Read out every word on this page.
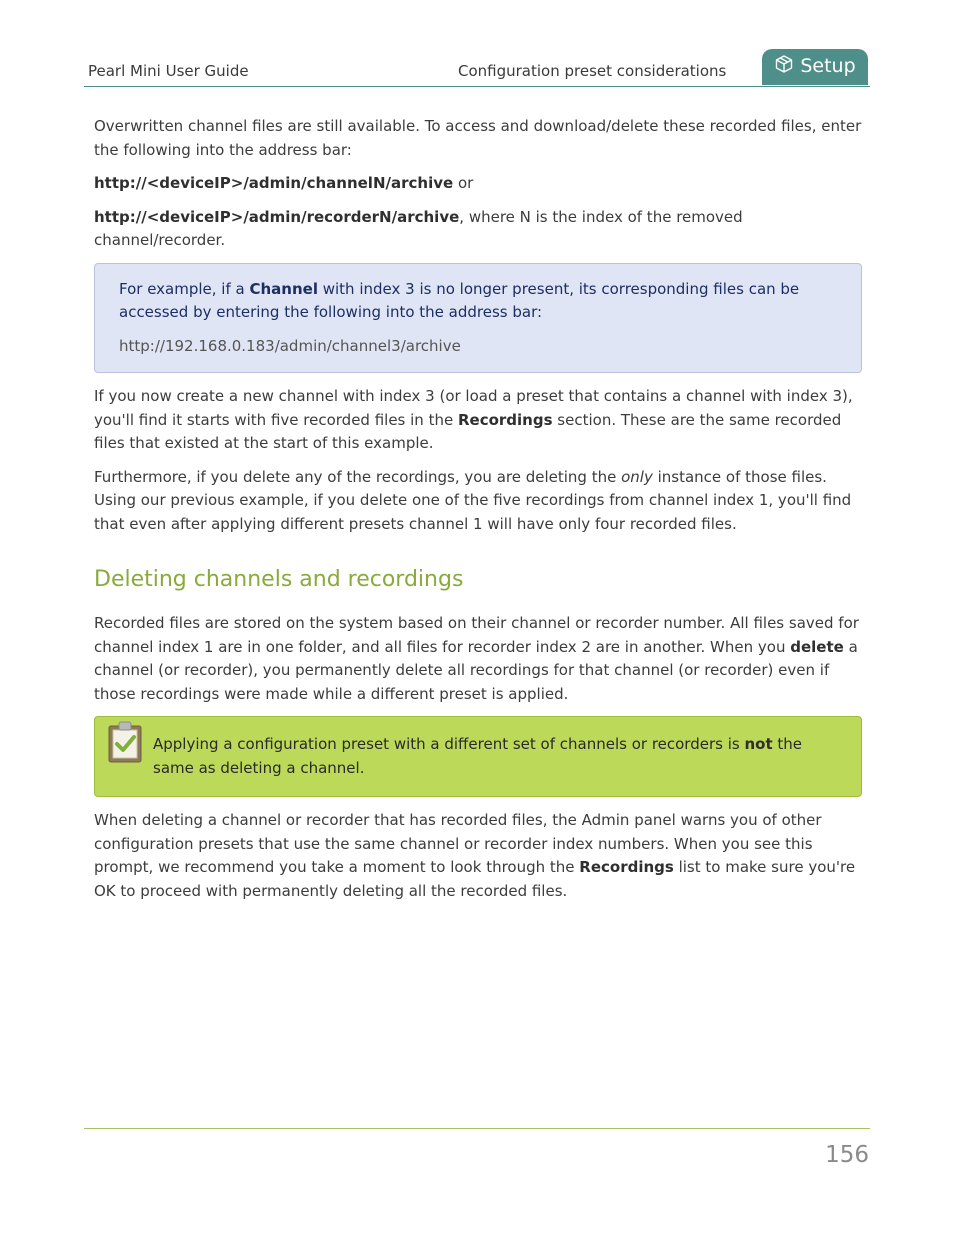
Pearl Mini User Guide	Configuration preset considerations	Setup

Overwritten channel files are still available. To access and download/delete these recorded files, enter the following into the address bar:

http://<deviceIP>/admin/channelN/archive or

http://<deviceIP>/admin/recorderN/archive, where N is the index of the removed channel/recorder.

For example, if a Channel with index 3 is no longer present, its corresponding files can be accessed by entering the following into the address bar:

http://192.168.0.183/admin/channel3/archive

If you now create a new channel with index 3 (or load a preset that contains a channel with index 3), you'll find it starts with five recorded files in the Recordings section. These are the same recorded files that existed at the start of this example.

Furthermore, if you delete any of the recordings, you are deleting the only instance of those files. Using our previous example, if you delete one of the five recordings from channel index 1, you'll find that even after applying different presets channel 1 will have only four recorded files.

Deleting channels and recordings

Recorded files are stored on the system based on their channel or recorder number. All files saved for channel index 1 are in one folder, and all files for recorder index 2 are in another. When you delete a channel (or recorder), you permanently delete all recordings for that channel (or recorder) even if those recordings were made while a different preset is applied.

Applying a configuration preset with a different set of channels or recorders is not the same as deleting a channel.

When deleting a channel or recorder that has recorded files, the Admin panel warns you of other configuration presets that use the same channel or recorder index numbers. When you see this prompt, we recommend you take a moment to look through the Recordings list to make sure you're OK to proceed with permanently deleting all the recorded files.

156
